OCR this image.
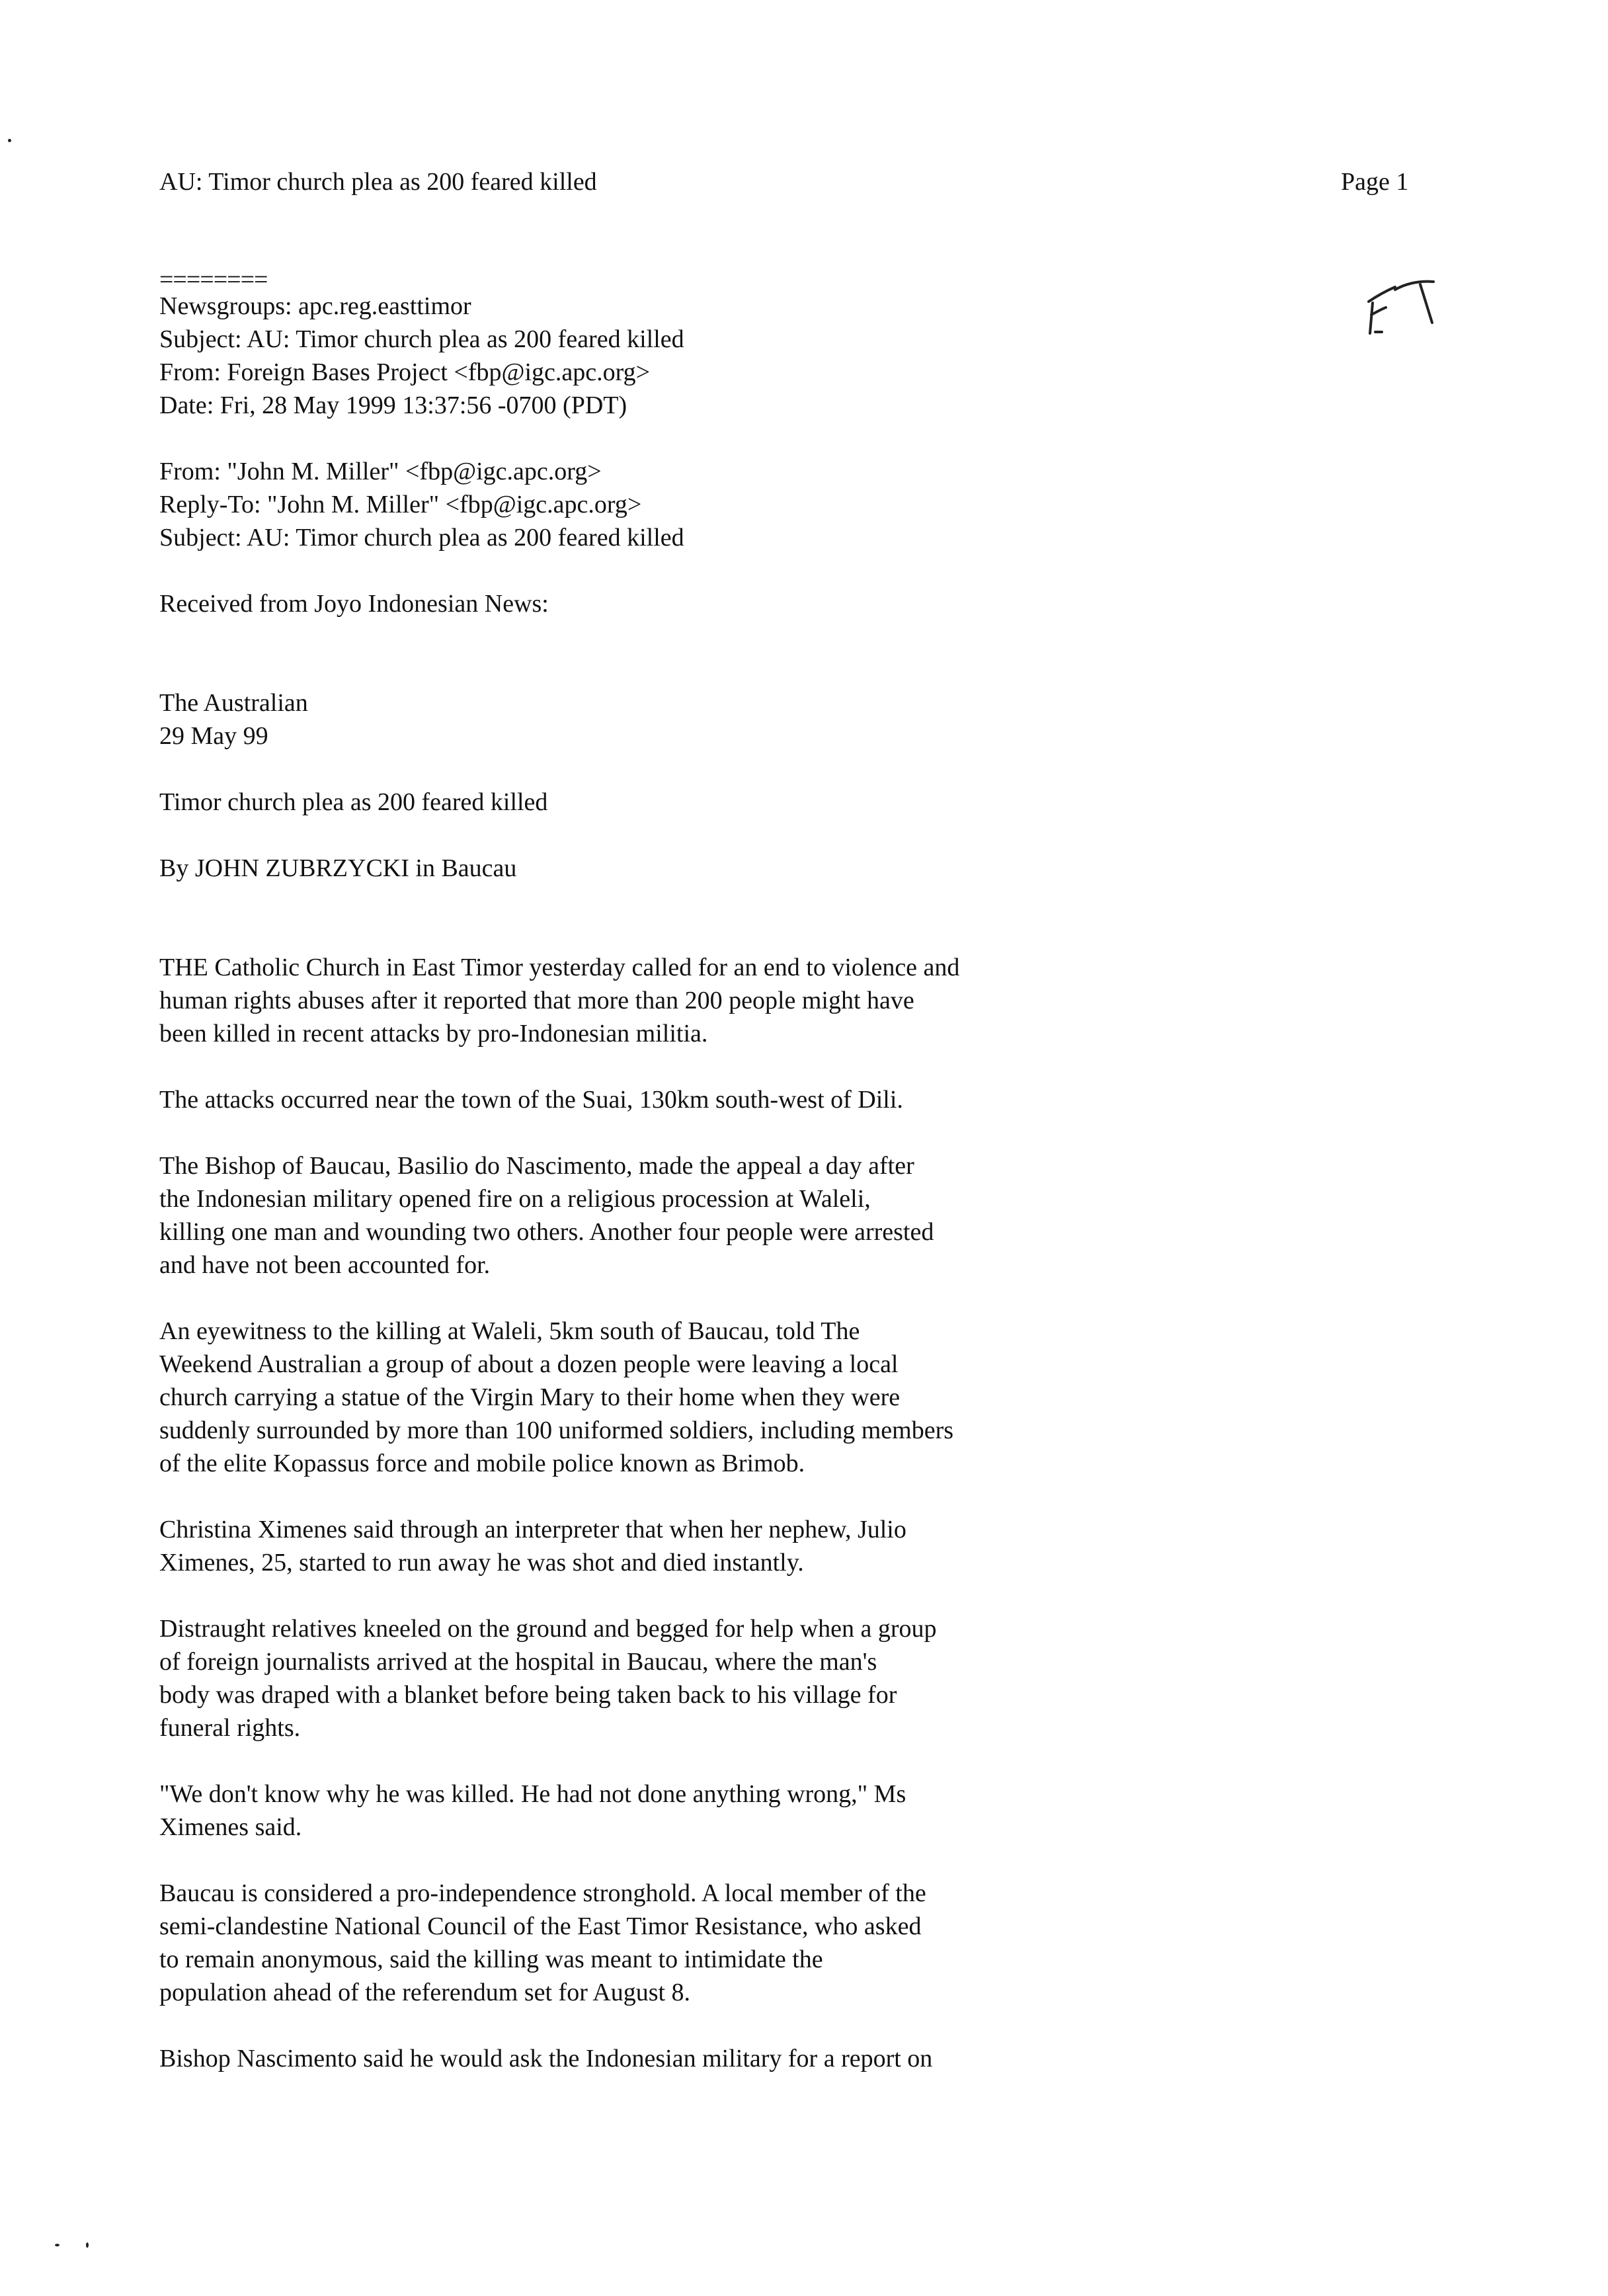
AU: Timor church plea as 200 feared killed	Page 1
========
Newsgroups: apc.reg.easttimor
Subject: AU: Timor church plea as 200 feared killed
From: Foreign Bases Project <fbp@igc.apc.org>
Date: Fri, 28 May 1999 13:37:56 -0700 (PDT)
From: "John M. Miller" <fbp@igc.apc.org>
Reply-To: "John M. Miller" <fbp@igc.apc.org>
Subject: AU: Timor church plea as 200 feared killed
Received from Joyo Indonesian News:
The Australian
29 May 99
Timor church plea as 200 feared killed
By JOHN ZUBRZYCKI in Baucau
THE Catholic Church in East Timor yesterday called for an end to violence and
human rights abuses after it reported that more than 200 people might have
been killed in recent attacks by pro-Indonesian militia.
The attacks occurred near the town of the Suai, 130km south-west of Dili.
The Bishop of Baucau, Basilio do Nascimento, made the appeal a day after
the Indonesian military opened fire on a religious procession at Waleli,
killing one man and wounding two others. Another four people were arrested
and have not been accounted for.
An eyewitness to the killing at Waleli, 5km south of Baucau, told The
Weekend Australian a group of about a dozen people were leaving a local
church carrying a statue of the Virgin Mary to their home when they were
suddenly surrounded by more than 100 uniformed soldiers, including members
of the elite Kopassus force and mobile police known as Brimob.
Christina Ximenes said through an interpreter that when her nephew, Julio
Ximenes, 25, started to run away he was shot and died instantly.
Distraught relatives kneeled on the ground and begged for help when a group
of foreign journalists arrived at the hospital in Baucau, where the man's
body was draped with a blanket before being taken back to his village for
funeral rights.
"We don't know why he was killed. He had not done anything wrong," Ms
Ximenes said.
Baucau is considered a pro-independence stronghold. A local member of the
semi-clandestine National Council of the East Timor Resistance, who asked
to remain anonymous, said the killing was meant to intimidate the
population ahead of the referendum set for August 8.
Bishop Nascimento said he would ask the Indonesian military for a report on
